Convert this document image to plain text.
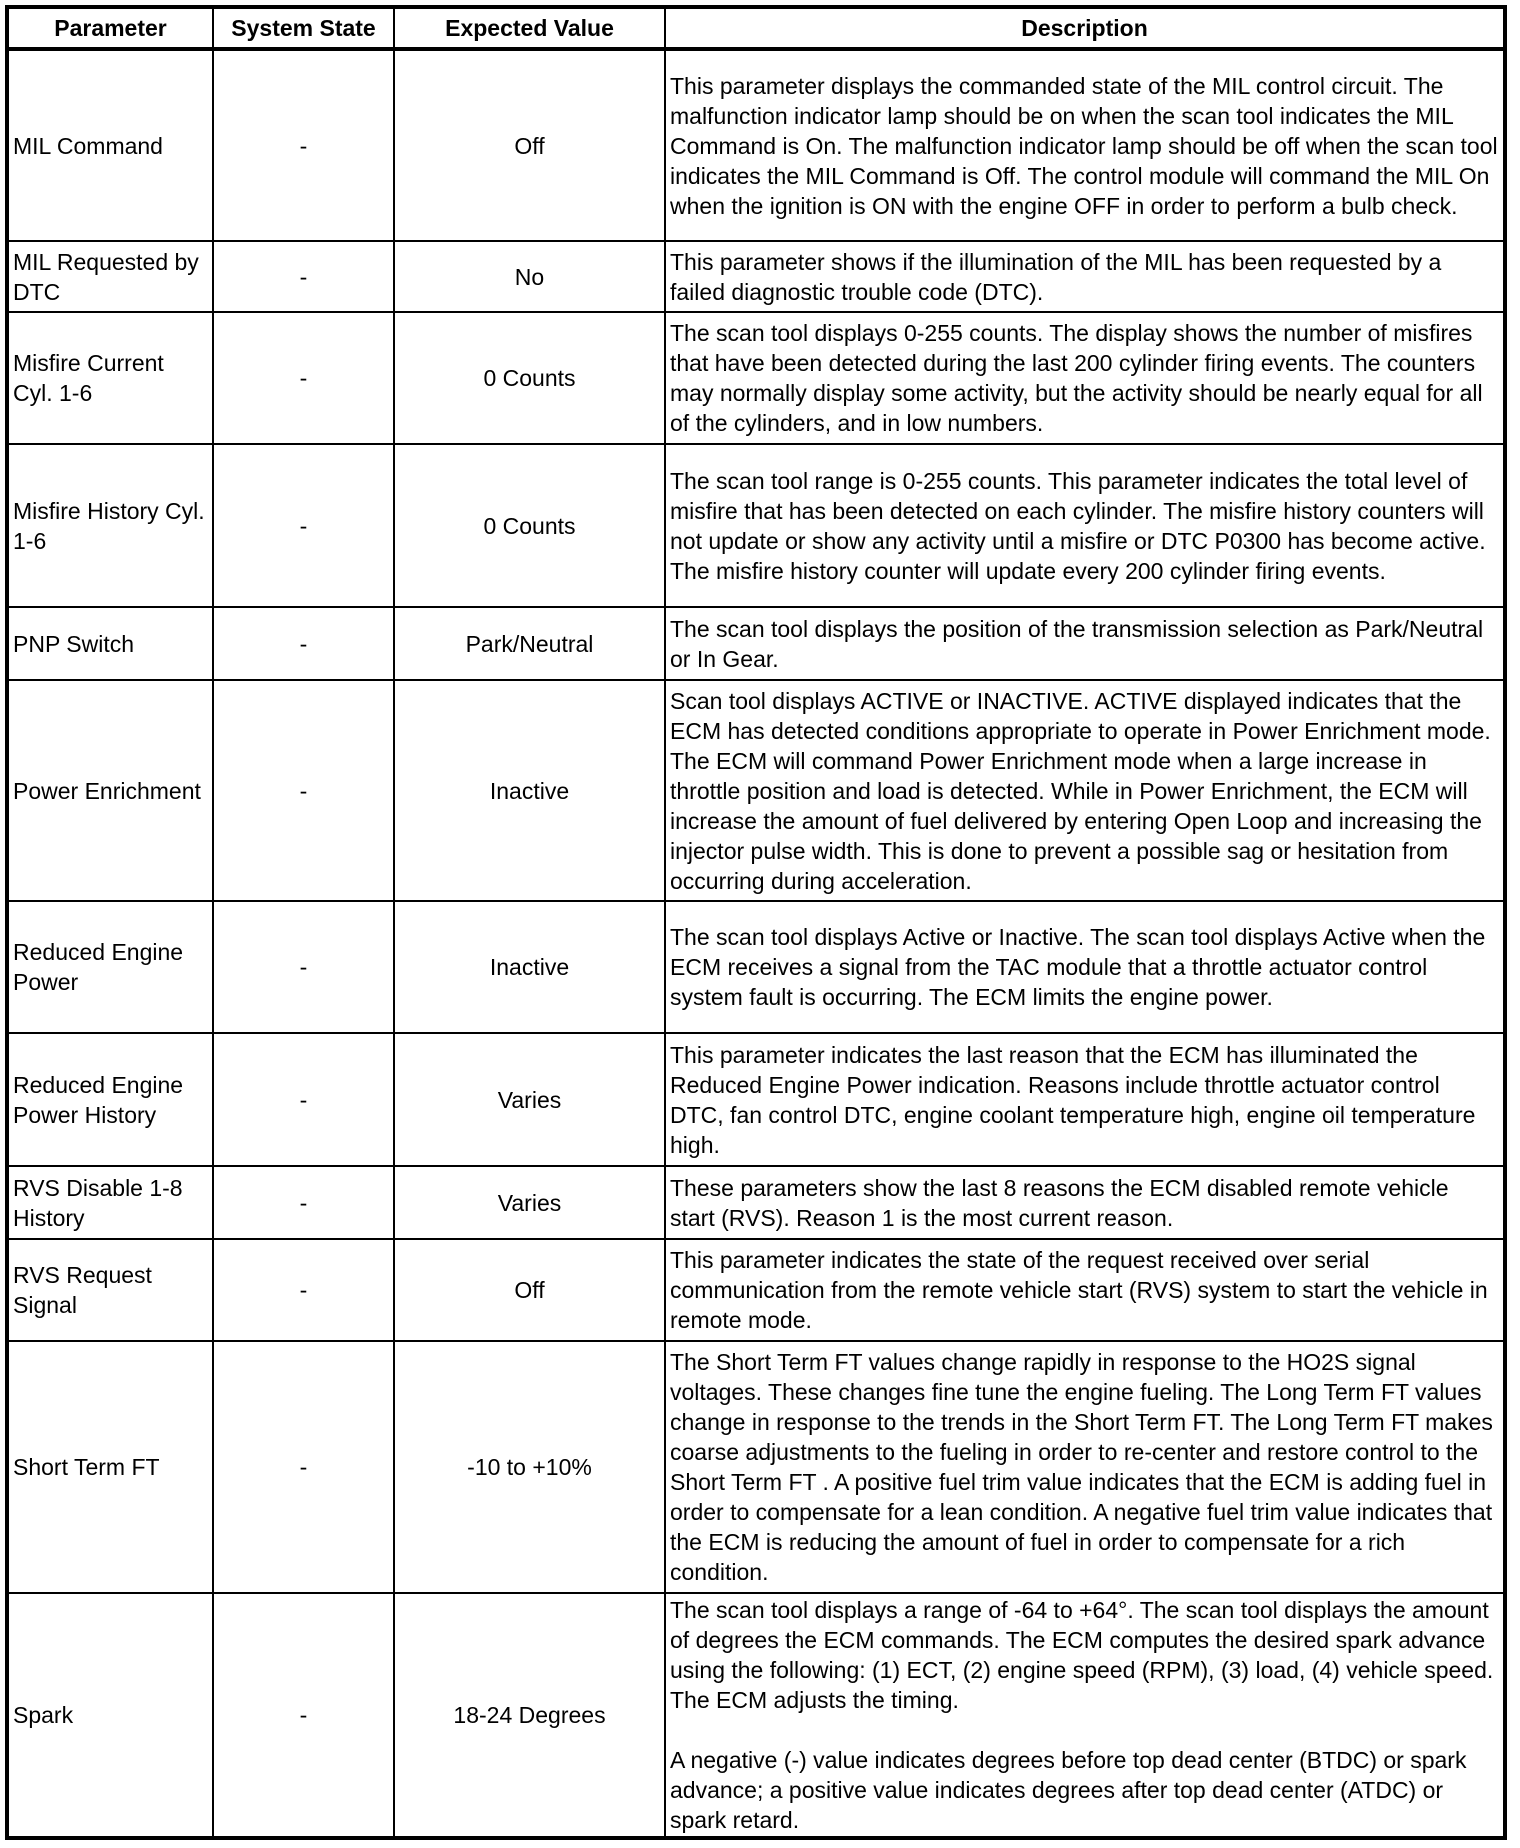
Parameter	System State	Expected Value	Description
MIL Command	-	Off	This parameter displays the commanded state of the MIL control circuit. The malfunction indicator lamp should be on when the scan tool indicates the MIL Command is On. The malfunction indicator lamp should be off when the scan tool indicates the MIL Command is Off. The control module will command the MIL On when the ignition is ON with the engine OFF in order to perform a bulb check.

MIL Requested by DTC	-	No	This parameter shows if the illumination of the MIL has been requested by a failed diagnostic trouble code (DTC).

Misfire Current Cyl. 1-6	-	0 Counts	The scan tool displays 0-255 counts. The display shows the number of misfires that have been detected during the last 200 cylinder firing events. The counters may normally display some activity, but the activity should be nearly equal for all of the cylinders, and in low numbers.

Misfire History Cyl. 1-6	-	0 Counts	The scan tool range is 0-255 counts. This parameter indicates the total level of misfire that has been detected on each cylinder. The misfire history counters will not update or show any activity until a misfire or DTC P0300 has become active. The misfire history counter will update every 200 cylinder firing events.

PNP Switch	-	Park/Neutral	The scan tool displays the position of the transmission selection as Park/Neutral or In Gear.

Power Enrichment	-	Inactive	Scan tool displays ACTIVE or INACTIVE. ACTIVE displayed indicates that the ECM has detected conditions appropriate to operate in Power Enrichment mode. The ECM will command Power Enrichment mode when a large increase in throttle position and load is detected. While in Power Enrichment, the ECM will increase the amount of fuel delivered by entering Open Loop and increasing the injector pulse width. This is done to prevent a possible sag or hesitation from occurring during acceleration.

Reduced Engine Power	-	Inactive	The scan tool displays Active or Inactive. The scan tool displays Active when the ECM receives a signal from the TAC module that a throttle actuator control system fault is occurring. The ECM limits the engine power.

Reduced Engine Power History	-	Varies	This parameter indicates the last reason that the ECM has illuminated the Reduced Engine Power indication. Reasons include throttle actuator control DTC, fan control DTC, engine coolant temperature high, engine oil temperature high.

RVS Disable 1-8 History	-	Varies	These parameters show the last 8 reasons the ECM disabled remote vehicle start (RVS). Reason 1 is the most current reason.

RVS Request Signal	-	Off	This parameter indicates the state of the request received over serial communication from the remote vehicle start (RVS) system to start the vehicle in remote mode.

Short Term FT	-	-10 to +10%	The Short Term FT values change rapidly in response to the HO2S signal voltages. These changes fine tune the engine fueling. The Long Term FT values change in response to the trends in the Short Term FT. The Long Term FT makes coarse adjustments to the fueling in order to re-center and restore control to the Short Term FT . A positive fuel trim value indicates that the ECM is adding fuel in order to compensate for a lean condition. A negative fuel trim value indicates that the ECM is reducing the amount of fuel in order to compensate for a rich condition.

Spark	-	18-24 Degrees	The scan tool displays a range of -64 to +64°. The scan tool displays the amount of degrees the ECM commands. The ECM computes the desired spark advance using the following: (1) ECT, (2) engine speed (RPM), (3) load, (4) vehicle speed. The ECM adjusts the timing.

A negative (-) value indicates degrees before top dead center (BTDC) or spark advance; a positive value indicates degrees after top dead center (ATDC) or spark retard.
